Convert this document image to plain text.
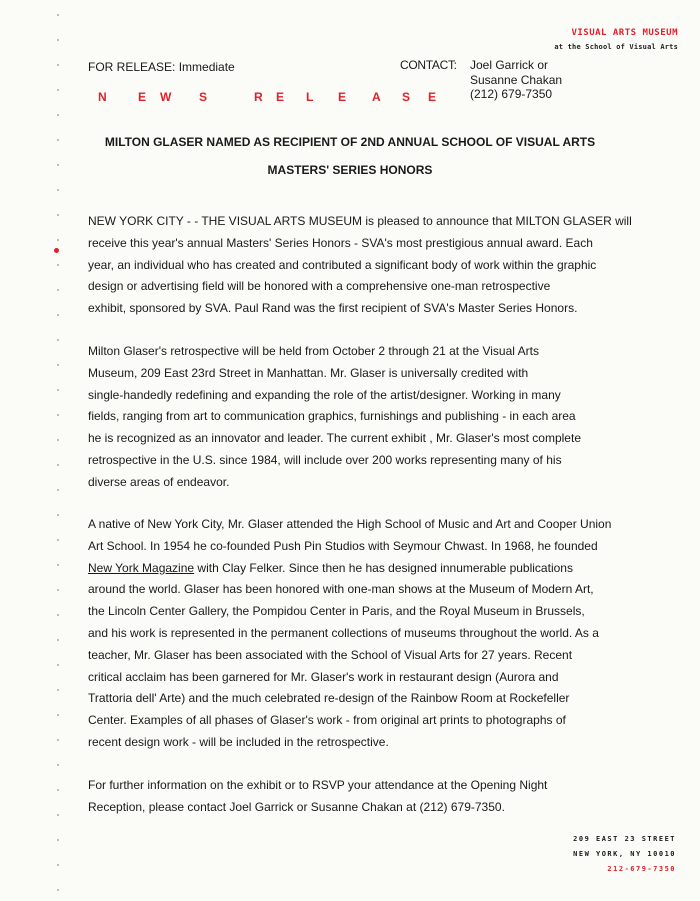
VISUAL ARTS MUSEUM
at the School of Visual Arts
FOR RELEASE: Immediate	CONTACT: Joel Garrick or
Susanne Chakan
(212) 679-7350
N	E W S	R E L E A S E
MILTON GLASER NAMED AS RECIPIENT OF 2ND ANNUAL SCHOOL OF VISUAL ARTS
MASTERS' SERIES HONORS
NEW YORK CITY - - THE VISUAL ARTS MUSEUM is pleased to announce that MILTON GLASER will
receive this year's annual Masters' Series Honors - SVA's most prestigious annual award. Each
year, an individual who has created and contributed a significant body of work within the graphic
design or advertising field will be honored with a comprehensive one-man retrospective
exhibit, sponsored by SVA. Paul Rand was the first recipient of SVA's Master Series Honors.
Milton Glaser's retrospective will be held from October 2 through 21 at the Visual Arts
Museum, 209 East 23rd Street in Manhattan. Mr. Glaser is universally credited with
single-handedly redefining and expanding the role of the artist/designer. Working in many
fields, ranging from art to communication graphics, furnishings and publishing - in each area
he is recognized as an innovator and leader. The current exhibit , Mr. Glaser's most complete
retrospective in the U.S. since 1984, will include over 200 works representing many of his
diverse areas of endeavor.
A native of New York City, Mr. Glaser attended the High School of Music and Art and Cooper Union
Art School. In 1954 he co-founded Push Pin Studios with Seymour Chwast. In 1968, he founded
New York Magazine with Clay Felker. Since then he has designed innumerable publications
around the world. Glaser has been honored with one-man shows at the Museum of Modern Art,
the Lincoln Center Gallery, the Pompidou Center in Paris, and the Royal Museum in Brussels,
and his work is represented in the permanent collections of museums throughout the world. As a
teacher, Mr. Glaser has been associated with the School of Visual Arts for 27 years. Recent
critical acclaim has been garnered for Mr. Glaser's work in restaurant design (Aurora and
Trattoria dell' Arte) and the much celebrated re-design of the Rainbow Room at Rockefeller
Center. Examples of all phases of Glaser's work - from original art prints to photographs of
recent design work - will be included in the retrospective.
For further information on the exhibit or to RSVP your attendance at the Opening Night
Reception, please contact Joel Garrick or Susanne Chakan at (212) 679-7350.
209 EAST 23 STREET
NEW YORK, NY 10010
212-679-7350
